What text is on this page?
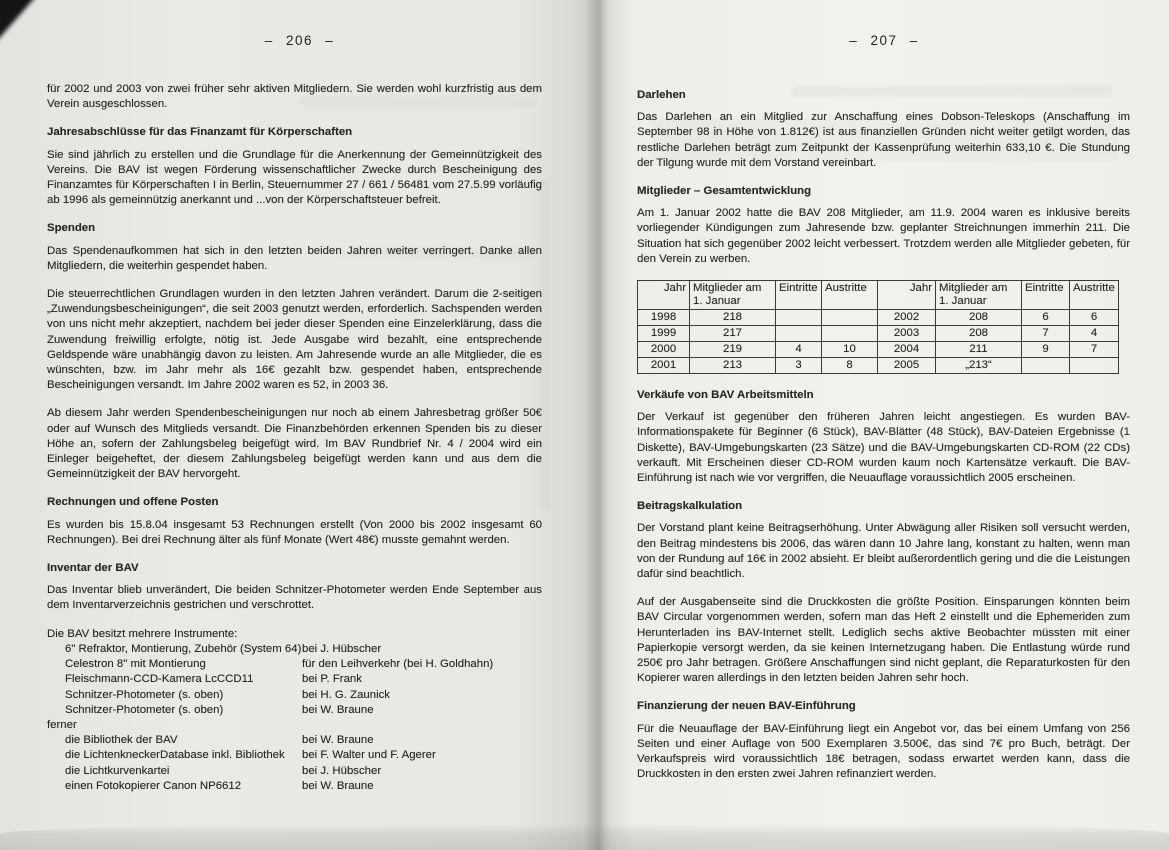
– 206 –

für 2002 und 2003 von zwei früher sehr aktiven Mitgliedern. Sie werden wohl kurzfristig aus dem Verein ausgeschlossen.

Jahresabschlüsse für das Finanzamt für Körperschaften

Sie sind jährlich zu erstellen und die Grundlage für die Anerkennung der Gemeinnützigkeit des Vereins. Die BAV ist wegen Förderung wissenschaftlicher Zwecke durch Bescheinigung des Finanzamtes für Körperschaften I in Berlin, Steuernummer 27 / 661 / 56481 vom 27.5.99 vorläufig ab 1996 als gemeinnützig anerkannt und ...von der Körperschaftsteuer befreit.

Spenden

Das Spendenaufkommen hat sich in den letzten beiden Jahren weiter verringert. Danke allen Mitgliedern, die weiterhin gespendet haben.

Die steuerrechtlichen Grundlagen wurden in den letzten Jahren verändert. Darum die 2-seitigen „Zuwendungsbescheinigungen“, die seit 2003 genutzt werden, erforderlich. Sachspenden werden von uns nicht mehr akzeptiert, nachdem bei jeder dieser Spenden eine Einzelerklärung, dass die Zuwendung freiwillig erfolgte, nötig ist. Jede Ausgabe wird bezahlt, eine entsprechende Geldspende wäre unabhängig davon zu leisten. Am Jahresende wurde an alle Mitglieder, die es wünschten, bzw. im Jahr mehr als 16€ gezahlt bzw. gespendet haben, entsprechende Bescheinigungen versandt. Im Jahre 2002 waren es 52, in 2003 36.

Ab diesem Jahr werden Spendenbescheinigungen nur noch ab einem Jahresbetrag größer 50€ oder auf Wunsch des Mitglieds versandt. Die Finanzbehörden erkennen Spenden bis zu dieser Höhe an, sofern der Zahlungsbeleg beigefügt wird. Im BAV Rundbrief Nr. 4 / 2004 wird ein Einleger beigeheftet, der diesem Zahlungsbeleg beigefügt werden kann und aus dem die Gemeinnützigkeit der BAV hervorgeht.

Rechnungen und offene Posten

Es wurden bis 15.8.04 insgesamt 53 Rechnungen erstellt (Von 2000 bis 2002 insgesamt 60 Rechnungen). Bei drei Rechnung älter als fünf Monate (Wert 48€) musste gemahnt werden.

Inventar der BAV

Das Inventar blieb unverändert, Die beiden Schnitzer-Photometer werden Ende September aus dem Inventarverzeichnis gestrichen und verschrottet.

Die BAV besitzt mehrere Instrumente:
6" Refraktor, Montierung, Zubehör (System 64) bei J. Hübscher
Celestron 8" mit Montierung	für den Leihverkehr (bei H. Goldhahn)
Fleischmann-CCD-Kamera LcCCD11	bei P. Frank
Schnitzer-Photometer (s. oben)	bei H. G. Zaunick
Schnitzer-Photometer (s. oben)	bei W. Braune
ferner
die Bibliothek der BAV	bei W. Braune
die LichtenkneckerDatabase inkl. Bibliothek	bei F. Walter und F. Agerer
die Lichtkurvenkartei	bei J. Hübscher
einen Fotokopierer Canon NP6612	bei W. Braune
– 207 –

Darlehen

Das Darlehen an ein Mitglied zur Anschaffung eines Dobson-Teleskops (Anschaffung im September 98 in Höhe von 1.812€) ist aus finanziellen Gründen nicht weiter getilgt worden, das restliche Darlehen beträgt zum Zeitpunkt der Kassenprüfung weiterhin 633,10 €. Die Stundung der Tilgung wurde mit dem Vorstand vereinbart.

Mitglieder – Gesamtentwicklung

Am 1. Januar 2002 hatte die BAV 208 Mitglieder, am 11.9. 2004 waren es inklusive bereits vorliegender Kündigungen zum Jahresende bzw. geplanter Streichnungen immerhin 211. Die Situation hat sich gegenüber 2002 leicht verbessert. Trotzdem werden alle Mitglieder gebeten, für den Verein zu werben.

Jahr	Mitglieder am 1. Januar	Eintritte	Austritte	Jahr	Mitglieder am 1. Januar	Eintritte	Austritte
1998	218			2002	208	6	6
1999	217			2003	208	7	4
2000	219	4	10	2004	211	9	7
2001	213	3	8	2005	„213“		

Verkäufe von BAV Arbeitsmitteln

Der Verkauf ist gegenüber den früheren Jahren leicht angestiegen. Es wurden BAV-Informationspakete für Beginner (6 Stück), BAV-Blätter (48 Stück), BAV-Dateien Ergebnisse (1 Diskette), BAV-Umgebungskarten (23 Sätze) und die BAV-Umgebungskarten CD-ROM (22 CDs) verkauft. Mit Erscheinen dieser CD-ROM wurden kaum noch Kartensätze verkauft. Die BAV-Einführung ist nach wie vor vergriffen, die Neuauflage voraussichtlich 2005 erscheinen.

Beitragskalkulation

Der Vorstand plant keine Beitragserhöhung. Unter Abwägung aller Risiken soll versucht werden, den Beitrag mindestens bis 2006, das wären dann 10 Jahre lang, konstant zu halten, wenn man von der Rundung auf 16€ in 2002 absieht. Er bleibt außerordentlich gering und die die Leistungen dafür sind beachtlich.

Auf der Ausgabenseite sind die Druckkosten die größte Position. Einsparungen könnten beim BAV Circular vorgenommen werden, sofern man das Heft 2 einstellt und die Ephemeriden zum Herunterladen ins BAV-Internet stellt. Lediglich sechs aktive Beobachter müssten mit einer Papierkopie versorgt werden, da sie keinen Internetzugang haben. Die Entlastung würde rund 250€ pro Jahr betragen. Größere Anschaffungen sind nicht geplant, die Reparaturkosten für den Kopierer waren allerdings in den letzten beiden Jahren sehr hoch.

Finanzierung der neuen BAV-Einführung

Für die Neuauflage der BAV-Einführung liegt ein Angebot vor, das bei einem Umfang von 256 Seiten und einer Auflage von 500 Exemplaren 3.500€, das sind 7€ pro Buch, beträgt. Der Verkaufspreis wird voraussichtlich 18€ betragen, sodass erwartet werden kann, dass die Druckkosten in den ersten zwei Jahren refinanziert werden.
